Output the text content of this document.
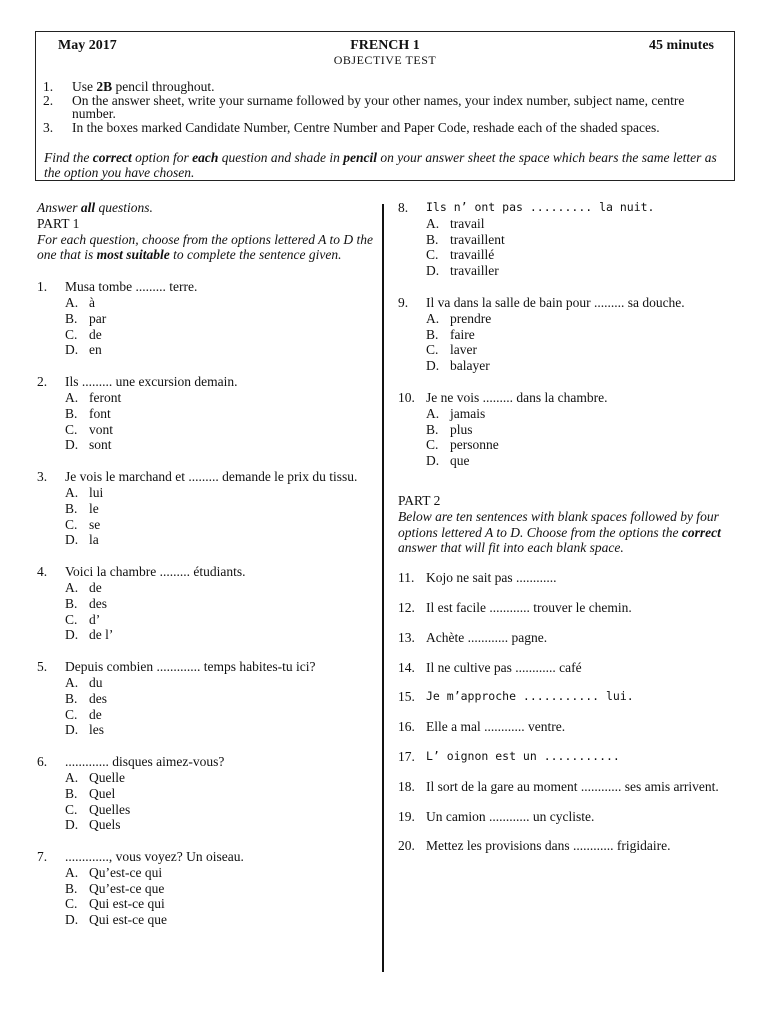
May 2017	FRENCH 1	45 minutes
OBJECTIVE TEST
1. Use 2B pencil throughout.
2. On the answer sheet, write your surname followed by your other names, your index number, subject name, centre number.
3. In the boxes marked Candidate Number, Centre Number and Paper Code, reshade each of the shaded spaces.
Find the correct option for each question and shade in pencil on your answer sheet the space which bears the same letter as the option you have chosen.
Answer all questions.
PART 1
For each question, choose from the options lettered A to D the one that is most suitable to complete the sentence given.
1. Musa tombe ......... terre.
A. à
B. par
C. de
D. en
2. Ils ......... une excursion demain.
A. feront
B. font
C. vont
D. sont
3. Je vois le marchand et ......... demande le prix du tissu.
A. lui
B. le
C. se
D. la
4. Voici la chambre ......... étudiants.
A. de
B. des
C. d’
D. de l’
5. Depuis combien ............. temps habites-tu ici?
A. du
B. des
C. de
D. les
6. ............. disques aimez-vous?
A. Quelle
B. Quel
C. Quelles
D. Quels
7. ............., vous voyez? Un oiseau.
A. Qu’est-ce qui
B. Qu’est-ce que
C. Qui est-ce qui
D. Qui est-ce que
8. Ils n’ ont pas ......... la nuit.
A. travail
B. travaillent
C. travaillé
D. travailler
9. Il va dans la salle de bain pour ......... sa douche.
A. prendre
B. faire
C. laver
D. balayer
10. Je ne vois ......... dans la chambre.
A. jamais
B. plus
C. personne
D. que
PART 2
Below are ten sentences with blank spaces followed by four options lettered A to D. Choose from the options the correct answer that will fit into each blank space.
11. Kojo ne sait pas ............
12. Il est facile ............ trouver le chemin.
13. Achète ............ pagne.
14. Il ne cultive pas ............ café
15. Je m’approche ........... lui.
16. Elle a mal ............ ventre.
17. L’ oignon est un ...........
18. Il sort de la gare au moment ............ ses amis arrivent.
19. Un camion ............ un cycliste.
20. Mettez les provisions dans ............ frigidaire.
